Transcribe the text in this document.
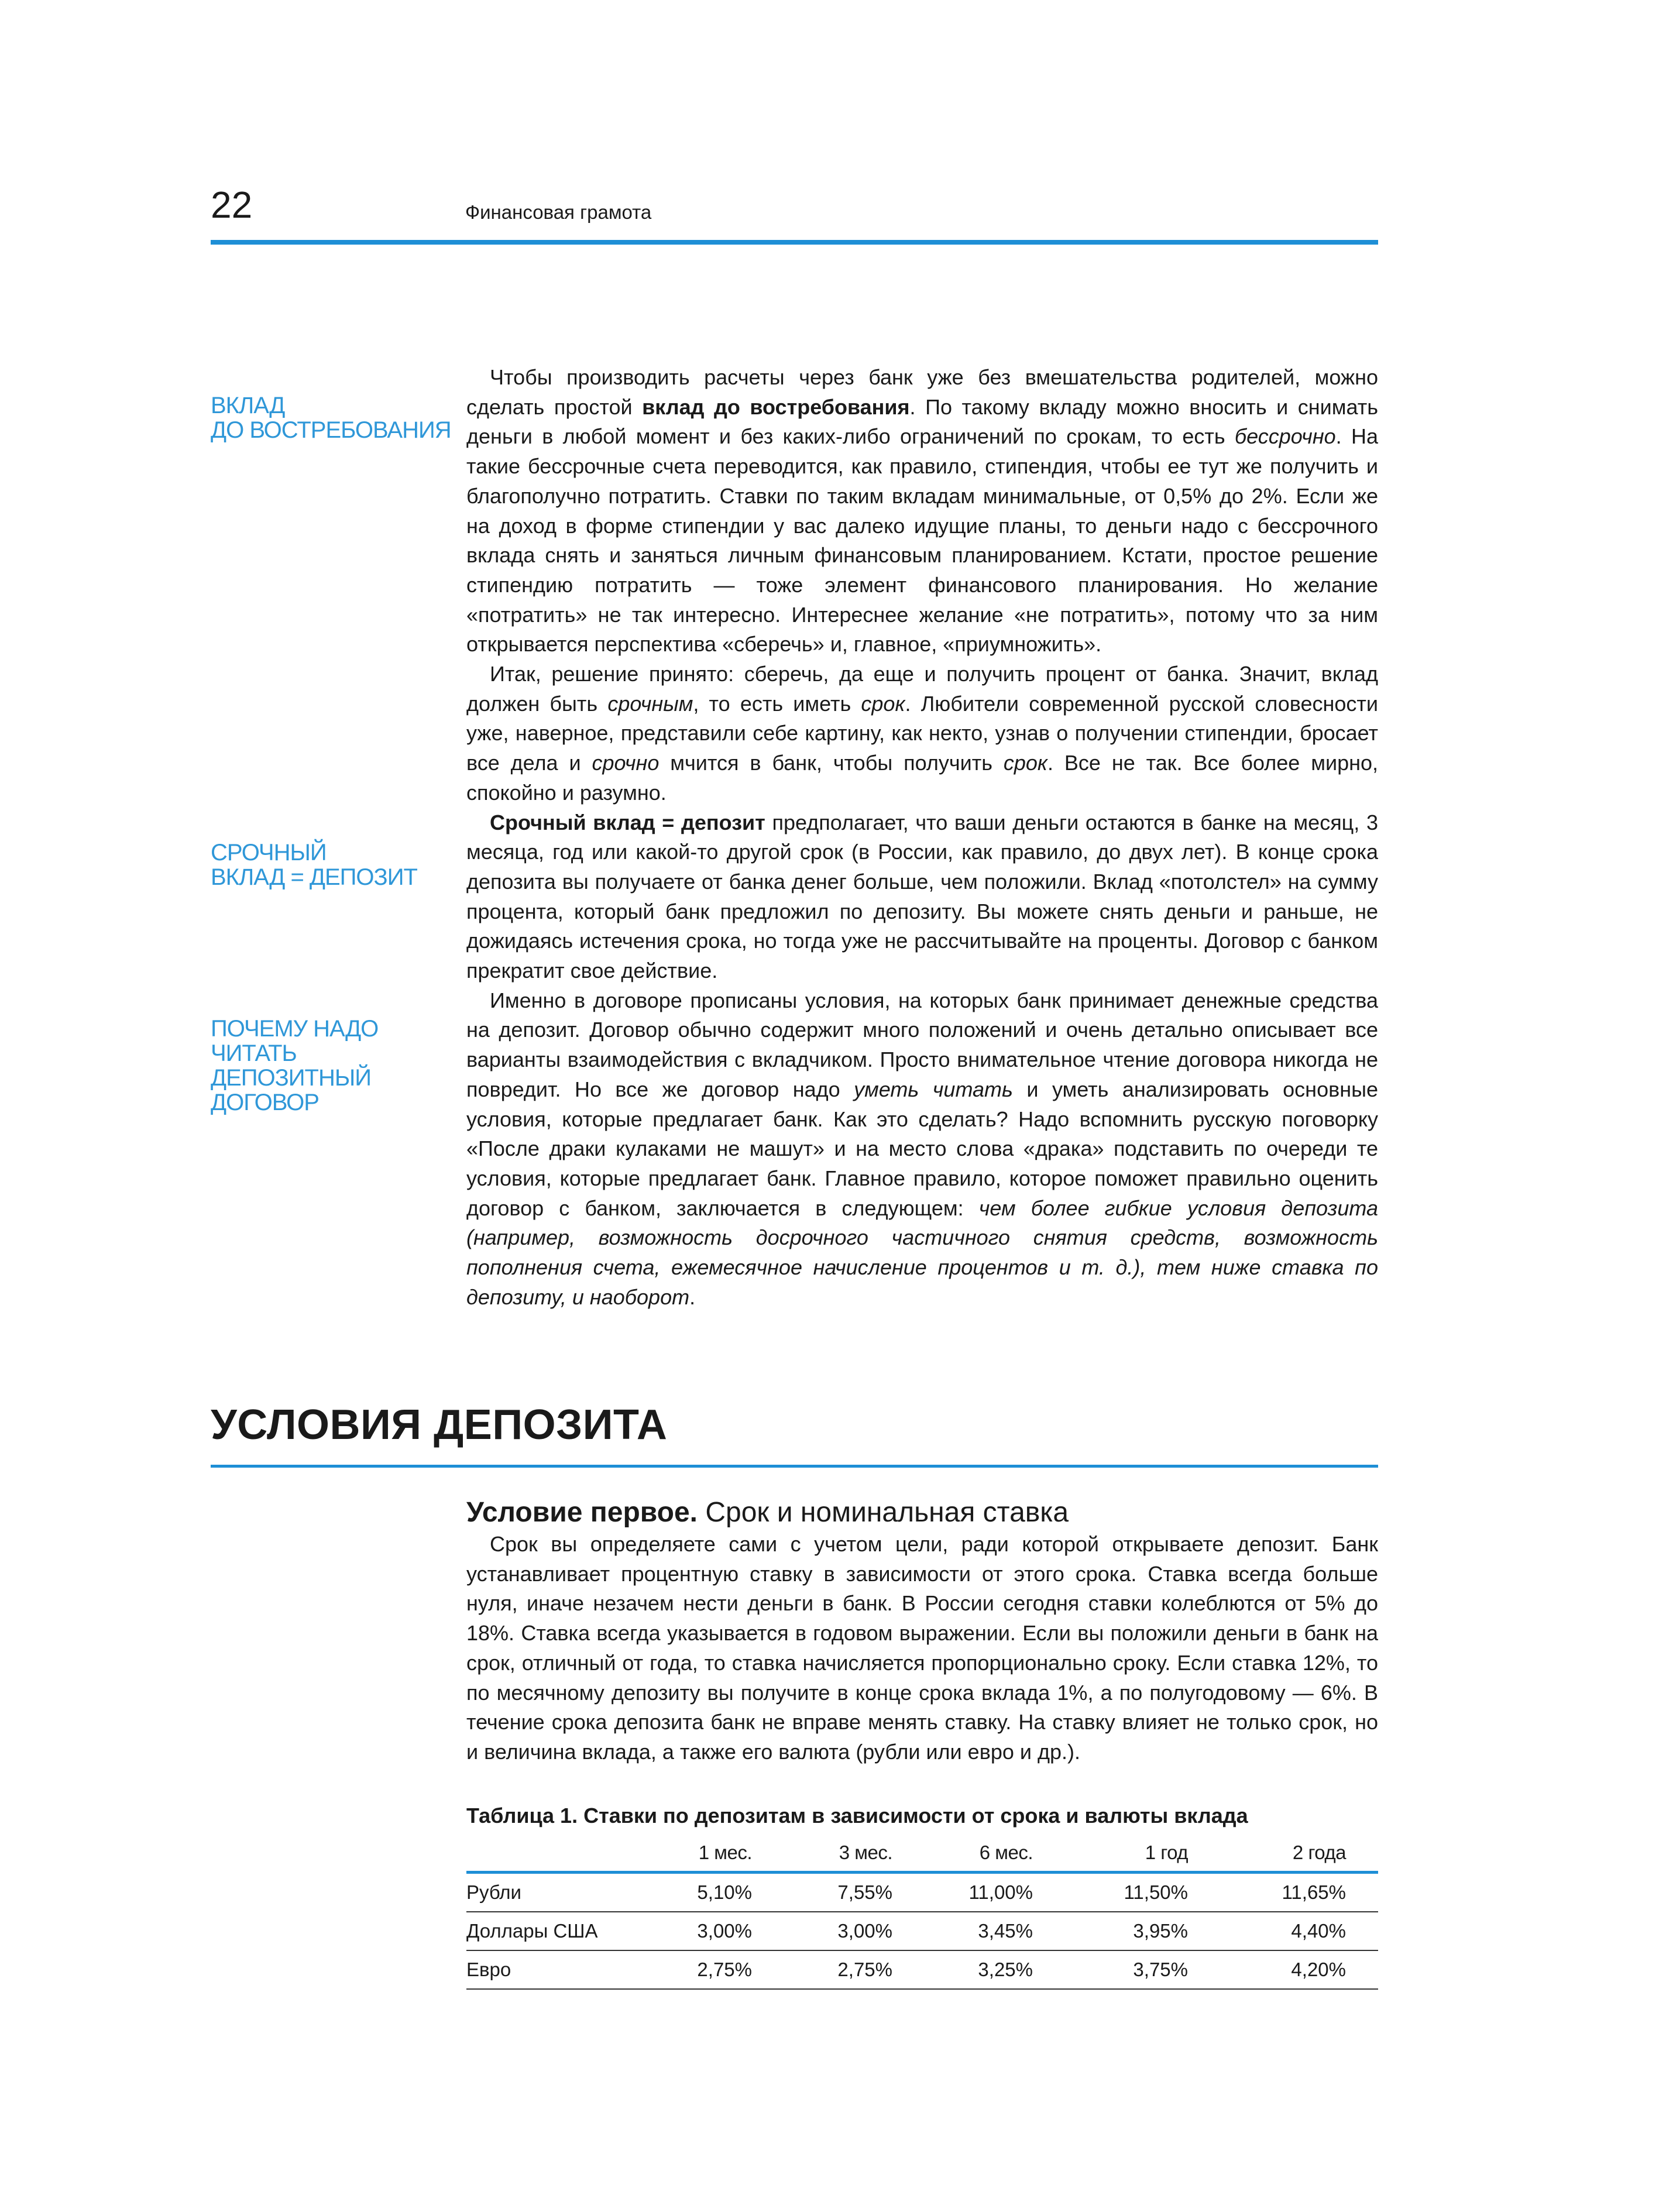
22	Финансовая грамота
ВКЛАД
ДО ВОСТРЕБОВАНИЯ
СРОЧНЫЙ
ВКЛАД = ДЕПОЗИТ
ПОЧЕМУ НАДО
ЧИТАТЬ
ДЕПОЗИТНЫЙ
ДОГОВОР

Чтобы производить расчеты через банк уже без вмешательства родителей, можно сделать простой вклад до востребования. По такому вкладу можно вносить и снимать деньги в любой момент и без каких-либо ограничений по срокам, то есть бессрочно. На такие бессрочные счета переводится, как правило, стипендия, чтобы ее тут же получить и благополучно потратить. Ставки по таким вкладам минимальные, от 0,5% до 2%. Если же на доход в форме стипендии у вас далеко идущие планы, то деньги надо с бессрочного вклада снять и заняться личным финансовым планированием. Кстати, простое решение стипендию потратить — тоже элемент финансового планирования. Но желание «потратить» не так интересно. Интереснее желание «не потратить», потому что за ним открывается перспектива «сберечь» и, главное, «приумножить».

Итак, решение принято: сберечь, да еще и получить процент от банка. Значит, вклад должен быть срочным, то есть иметь срок. Любители современной русской словесности уже, наверное, представили себе картину, как некто, узнав о получении стипендии, бросает все дела и срочно мчится в банк, чтобы получить срок. Все не так. Все более мирно, спокойно и разумно.

Срочный вклад = депозит предполагает, что ваши деньги остаются в банке на месяц, 3 месяца, год или какой-то другой срок (в России, как правило, до двух лет). В конце срока депозита вы получаете от банка денег больше, чем положили. Вклад «потолстел» на сумму процента, который банк предложил по депозиту. Вы можете снять деньги и раньше, не дожидаясь истечения срока, но тогда уже не рассчитывайте на проценты. Договор с банком прекратит свое действие.

Именно в договоре прописаны условия, на которых банк принимает денежные средства на депозит. Договор обычно содержит много положений и очень детально описывает все варианты взаимодействия с вкладчиком. Просто внимательное чтение договора никогда не повредит. Но все же договор надо уметь читать и уметь анализировать основные условия, которые предлагает банк. Как это сделать? Надо вспомнить русскую поговорку «После драки кулаками не машут» и на место слова «драка» подставить по очереди те условия, которые предлагает банк. Главное правило, которое поможет правильно оценить договор с банком, заключается в следующем: чем более гибкие условия депозита (например, возможность досрочного частичного снятия средств, возможность пополнения счета, ежемесячное начисление процентов и т. д.), тем ниже ставка по депозиту, и наоборот.

УСЛОВИЯ ДЕПОЗИТА
Условие первое. Срок и номинальная ставка

Срок вы определяете сами с учетом цели, ради которой открываете депозит. Банк устанавливает процентную ставку в зависимости от этого срока. Ставка всегда больше нуля, иначе незачем нести деньги в банк. В России сегодня ставки колеблются от 5% до 18%. Ставка всегда указывается в годовом выражении. Если вы положили деньги в банк на срок, отличный от года, то ставка начисляется пропорционально сроку. Если ставка 12%, то по месячному депозиту вы получите в конце срока вклада 1%, а по полугодовому — 6%. В течение срока депозита банк не вправе менять ставку. На ставку влияет не только срок, но и величина вклада, а также его валюта (рубли или евро и др.).

Таблица 1. Ставки по депозитам в зависимости от срока и валюты вклада
	1 мес.	3 мес.	6 мес.	1 год	2 года
Рубли	5,10%	7,55%	11,00%	11,50%	11,65%
Доллары США	3,00%	3,00%	3,45%	3,95%	4,40%
Евро	2,75%	2,75%	3,25%	3,75%	4,20%
